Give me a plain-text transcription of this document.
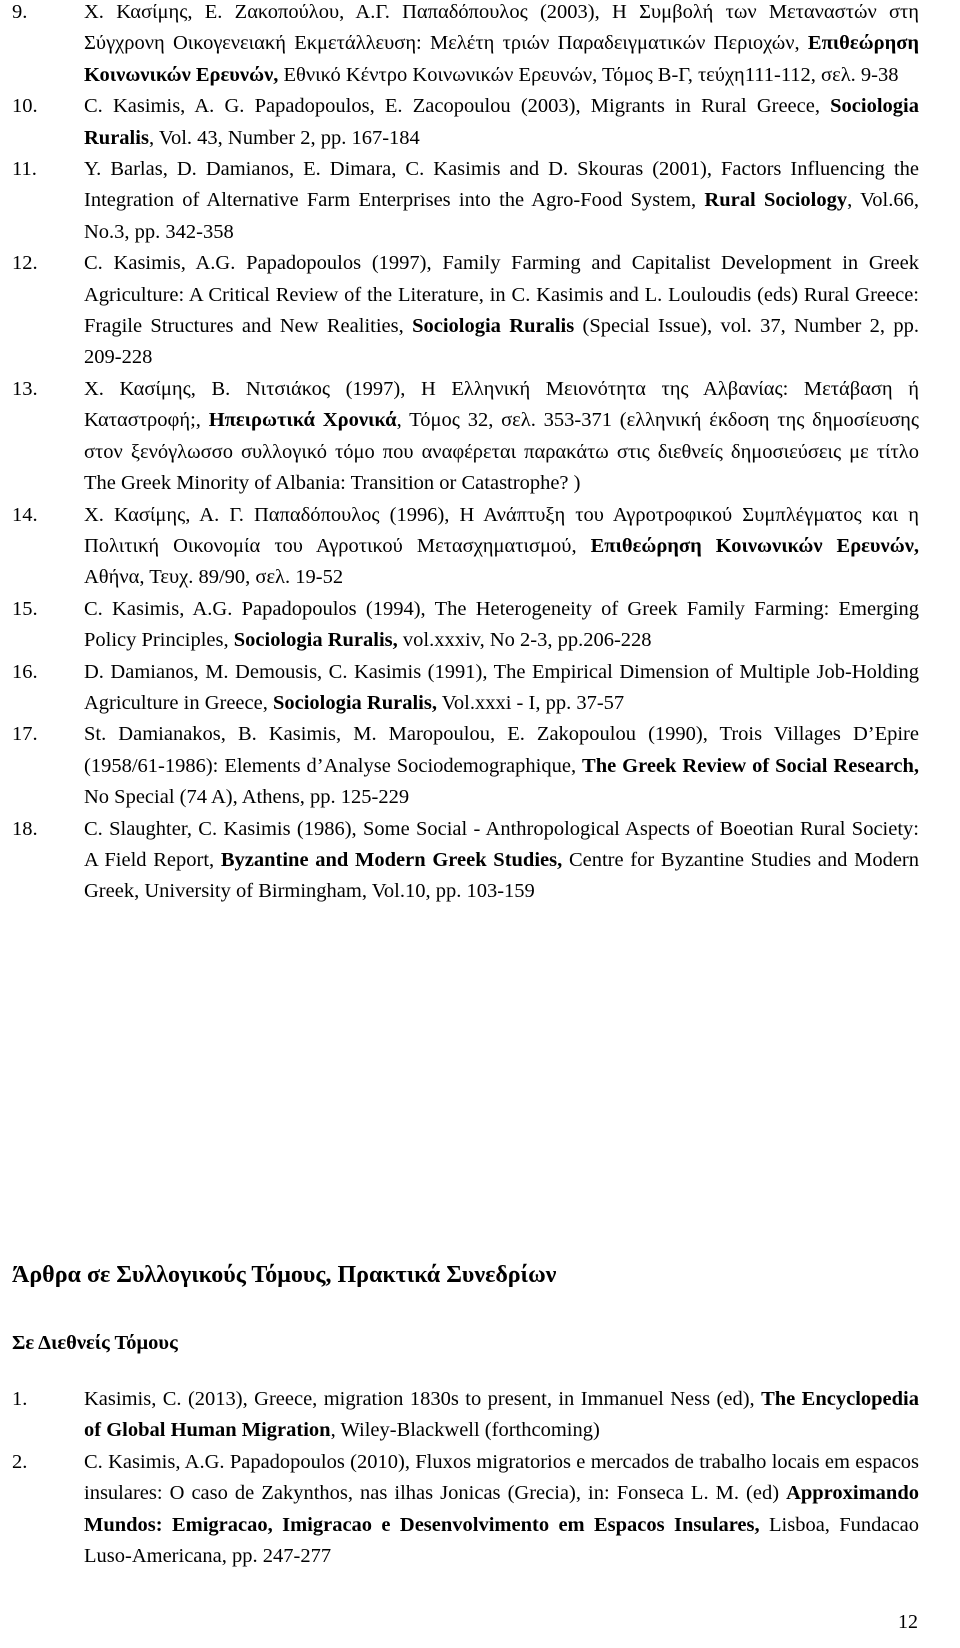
9.	Χ. Κασίμης, Ε. Ζακοπούλου, Α.Γ. Παπαδόπουλος (2003), Η Συμβολή των Μεταναστών στη Σύγχρονη Οικογενειακή Εκμετάλλευση: Μελέτη τριών Παραδειγματικών Περιοχών, Επιθεώρηση Κοινωνικών Ερευνών, Εθνικό Κέντρο Κοινωνικών Ερευνών, Τόμος Β-Γ, τεύχη111-112, σελ. 9-38
10. C. Kasimis, A. G. Papadopoulos, E. Zacopoulou (2003), Migrants in Rural Greece, Sociologia Ruralis, Vol. 43, Number 2, pp. 167-184
11. Y. Barlas, D. Damianos, E. Dimara, C. Kasimis and D. Skouras (2001), Factors Influencing the Integration of Alternative Farm Enterprises into the Agro-Food System, Rural Sociology, Vol.66, No.3, pp. 342-358
12. C. Kasimis, A.G. Papadopoulos (1997), Family Farming and Capitalist Development in Greek Agriculture: A Critical Review of the Literature, in C. Kasimis and L. Louloudis (eds) Rural Greece: Fragile Structures and New Realities, Sociologia Ruralis (Special Issue), vol. 37, Number 2, pp. 209-228
13. Χ. Κασίμης, Β. Νιτσιάκος (1997), Η Ελληνική Μειονότητα της Αλβανίας: Μετάβαση ή Καταστροφή;, Ηπειρωτικά Χρονικά, Τόμος 32, σελ. 353-371 (ελληνική έκδοση της δημοσίευσης στον ξενόγλωσσο συλλογικό τόμο που αναφέρεται παρακάτω στις διεθνείς δημοσιεύσεις με τίτλο The Greek Minority of Albania: Transition or Catastrophe? )
14. Χ. Κασίμης, Α. Γ. Παπαδόπουλος (1996), Η Ανάπτυξη του Αγροτροφικού Συμπλέγματος και η Πολιτική Οικονομία του Αγροτικού Μετασχηματισμού, Επιθεώρηση Κοινωνικών Ερευνών, Αθήνα, Τευχ. 89/90, σελ. 19-52
15. C. Kasimis, A.G. Papadopoulos (1994), The Heterogeneity of Greek Family Farming: Emerging Policy Principles, Sociologia Ruralis, vol.xxxiv, No 2-3, pp.206-228
16. D. Damianos, M. Demousis, C. Kasimis (1991), The Empirical Dimension of Multiple Job-Holding Agriculture in Greece, Sociologia Ruralis, Vol.xxxi - I, pp. 37-57
17. St. Damianakos, B. Kasimis, M. Maropoulou, E. Zakopoulou (1990), Trois Villages D’Epire (1958/61-1986): Elements d’Analyse Sociodemographique, The Greek Review of Social Research, No Special (74 A), Athens, pp. 125-229
18. C. Slaughter, C. Kasimis (1986), Some Social - Anthropological Aspects of Boeotian Rural Society: A Field Report, Byzantine and Modern Greek Studies, Centre for Byzantine Studies and Modern Greek, University of Birmingham, Vol.10, pp. 103-159
Άρθρα σε Συλλογικούς Τόμους, Πρακτικά Συνεδρίων
Σε Διεθνείς Τόμους
1.	Kasimis, C. (2013), Greece, migration 1830s to present, in Immanuel Ness (ed), The Encyclopedia of Global Human Migration, Wiley-Blackwell (forthcoming)
2.	C. Kasimis, A.G. Papadopoulos (2010), Fluxos migratorios e mercados de trabalho locais em espacos insulares: O caso de Zakynthos, nas ilhas Jonicas (Grecia), in: Fonseca L. M. (ed) Approximando Mundos: Emigracao, Imigracao e Desenvolvimento em Espacos Insulares, Lisboa, Fundacao Luso-Americana, pp. 247-277
12
